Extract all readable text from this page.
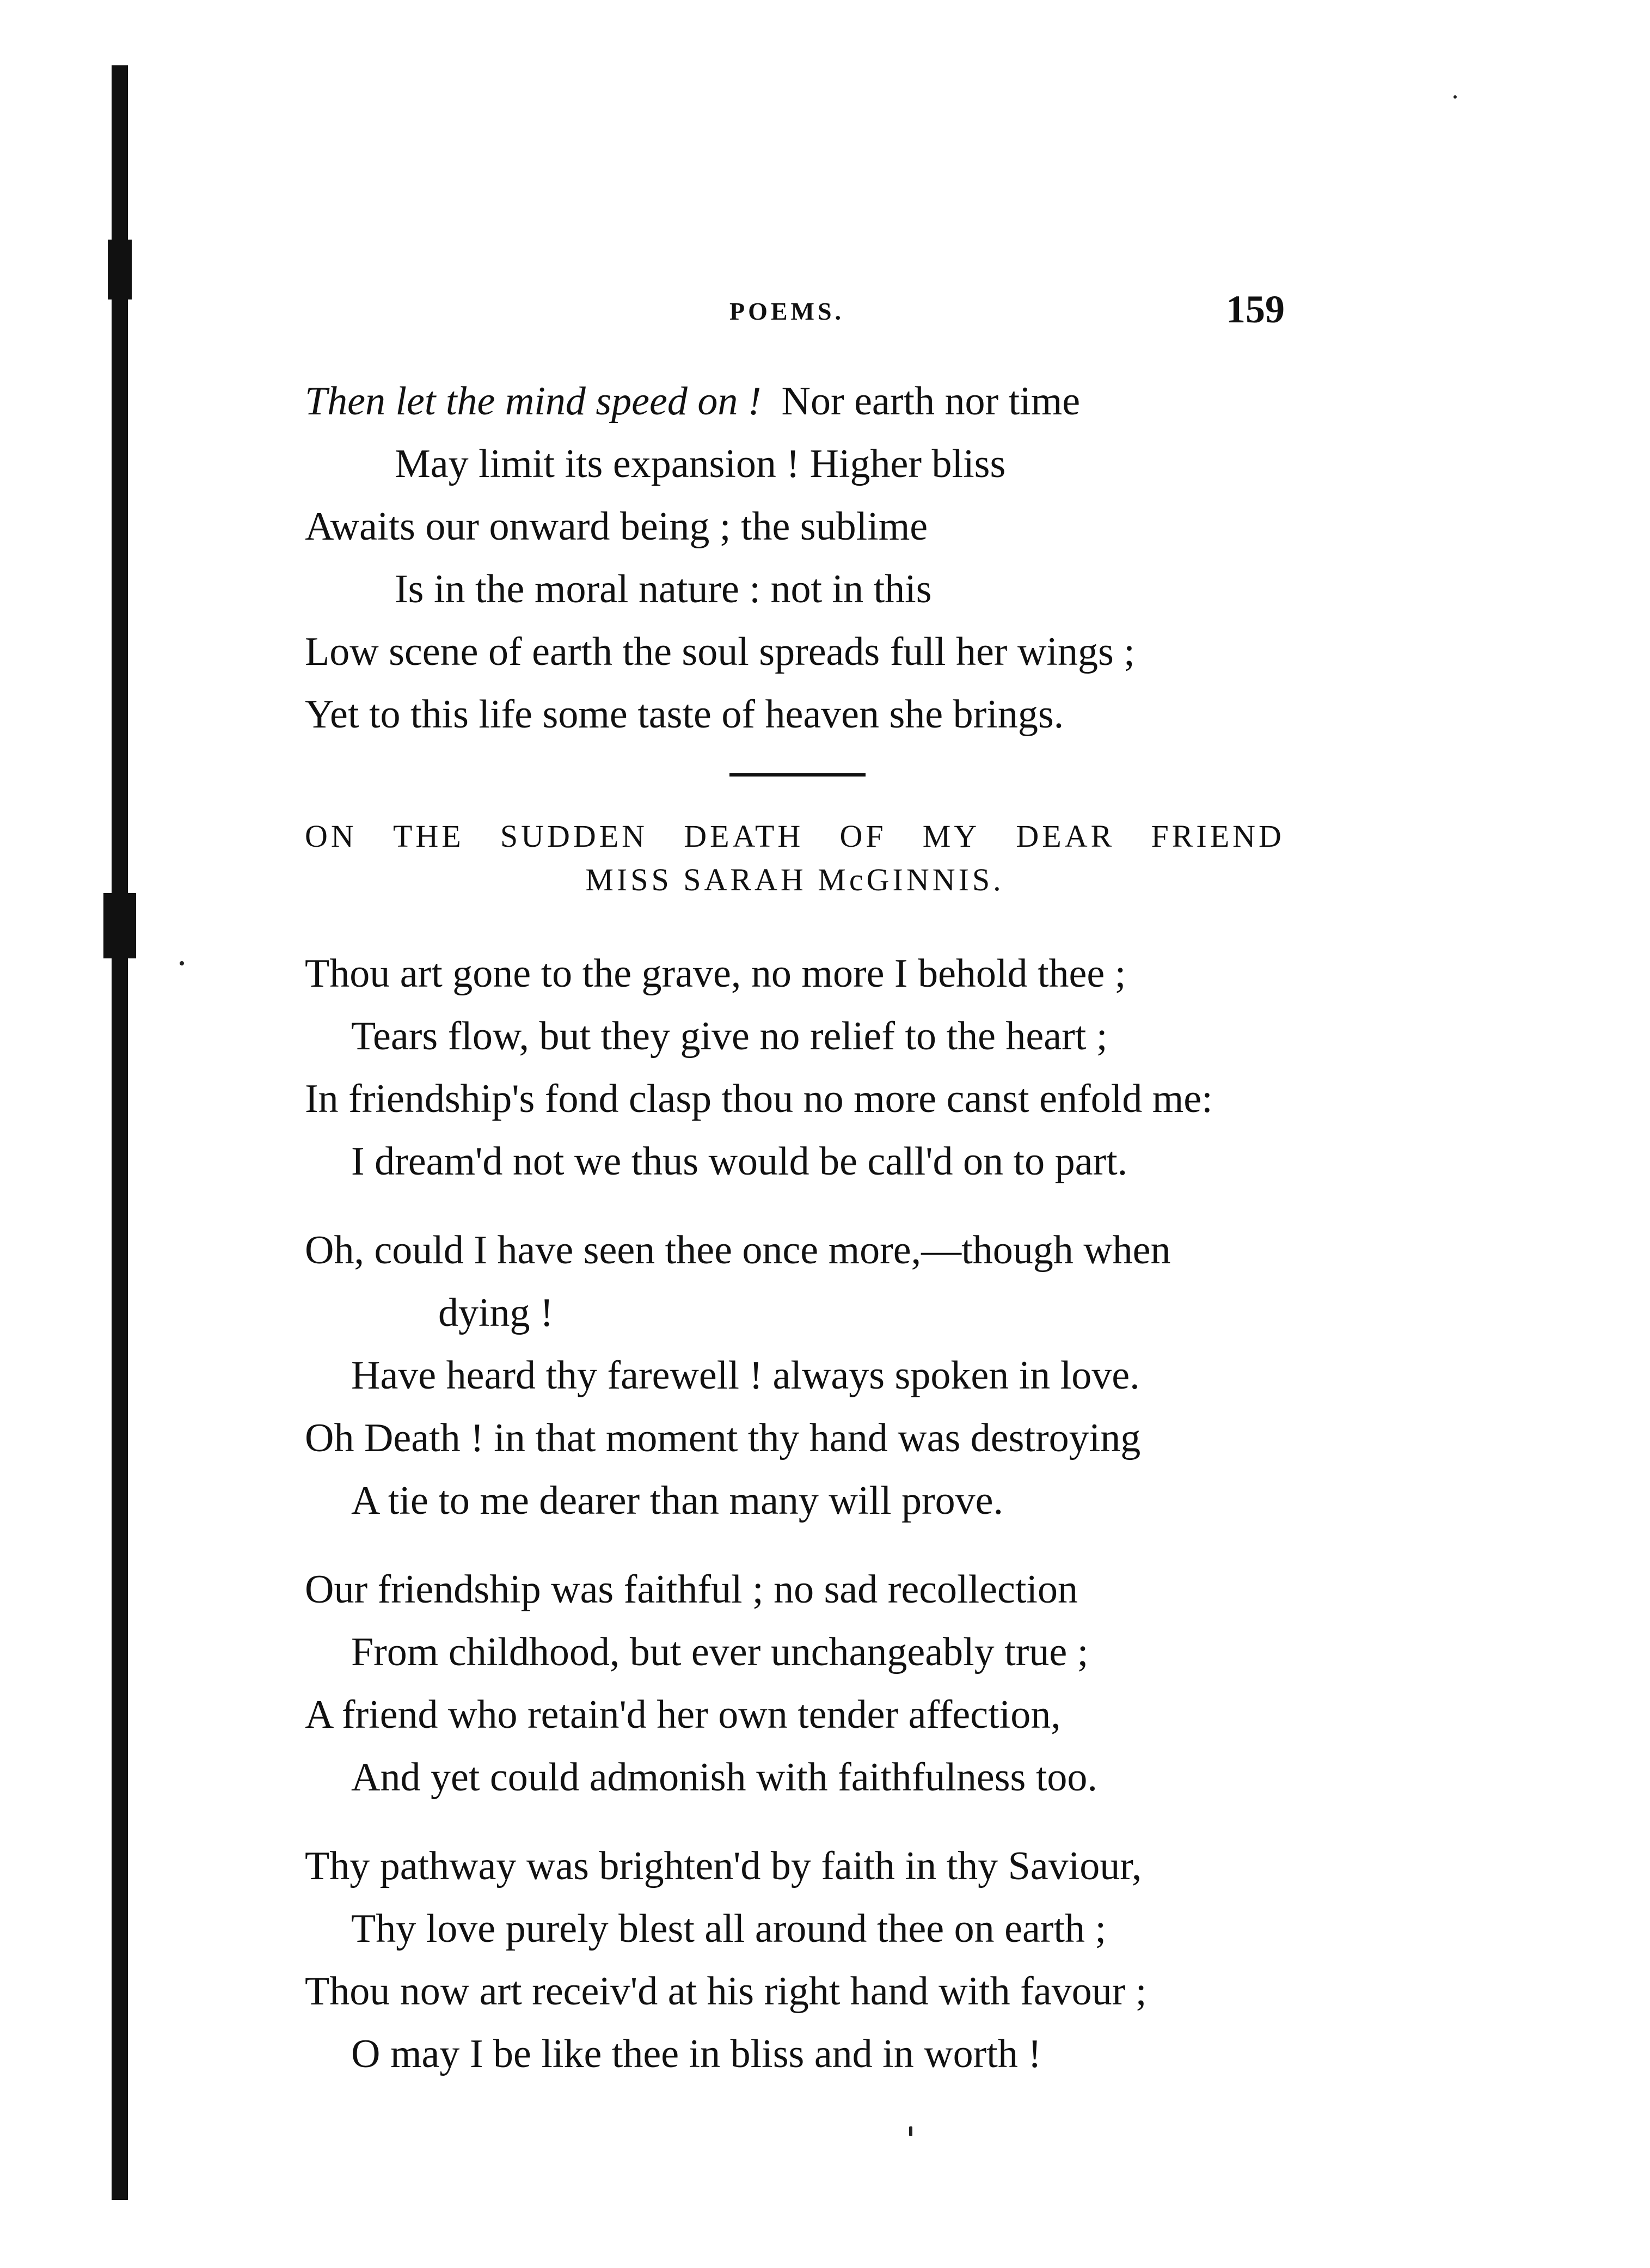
POEMS.	159
Then let the mind speed on ! Nor earth nor time
May limit its expansion ! Higher bliss
Awaits our onward being ; the sublime
Is in the moral nature : not in this
Low scene of earth the soul spreads full her wings ;
Yet to this life some taste of heaven she brings.
ON THE SUDDEN DEATH OF MY DEAR FRIEND
MISS SARAH McGINNIS.
Thou art gone to the grave, no more I behold thee ;
Tears flow, but they give no relief to the heart ;
In friendship's fond clasp thou no more canst enfold me:
I dream'd not we thus would be call'd on to part.
Oh, could I have seen thee once more,—though when
dying !
Have heard thy farewell ! always spoken in love.
Oh Death ! in that moment thy hand was destroying
A tie to me dearer than many will prove.
Our friendship was faithful ; no sad recollection
From childhood, but ever unchangeably true ;
A friend who retain'd her own tender affection,
And yet could admonish with faithfulness too.
Thy pathway was brighten'd by faith in thy Saviour,
Thy love purely blest all around thee on earth ;
Thou now art receiv'd at his right hand with favour ;
O may I be like thee in bliss and in worth !
